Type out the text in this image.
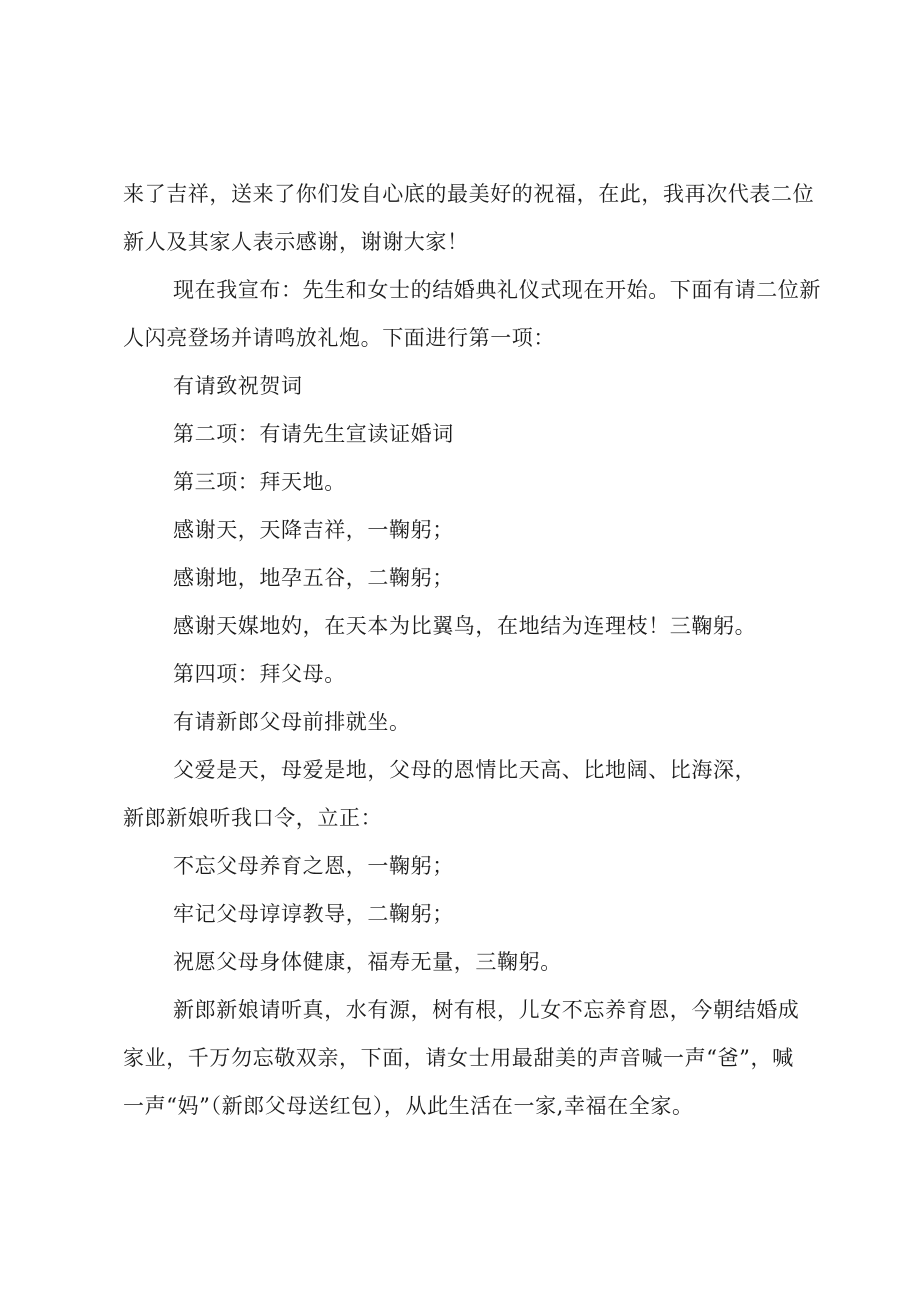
来了吉祥，送来了你们发自心底的最美好的祝福，在此，我再次代表二位
新人及其家人表示感谢，谢谢大家！
现在我宣布：先生和女士的结婚典礼仪式现在开始。下面有请二位新
人闪亮登场并请鸣放礼炮。下面进行第一项：
有请致祝贺词
第二项：有请先生宣读证婚词
第三项：拜天地。
感谢天，天降吉祥，一鞠躬；
感谢地，地孕五谷，二鞠躬；
感谢天媒地妁，在天本为比翼鸟，在地结为连理枝！三鞠躬。
第四项：拜父母。
有请新郎父母前排就坐。
父爱是天，母爱是地，父母的恩情比天高、比地阔、比海深，
新郎新娘听我口令，立正：
不忘父母养育之恩，一鞠躬；
牢记父母谆谆教导，二鞠躬；
祝愿父母身体健康，福寿无量，三鞠躬。
新郎新娘请听真，水有源，树有根，儿女不忘养育恩，今朝结婚成
家业，千万勿忘敬双亲，下面，请女士用最甜美的声音喊一声“爸”，喊
一声“妈”（新郎父母送红包），从此生活在一家,幸福在全家。
